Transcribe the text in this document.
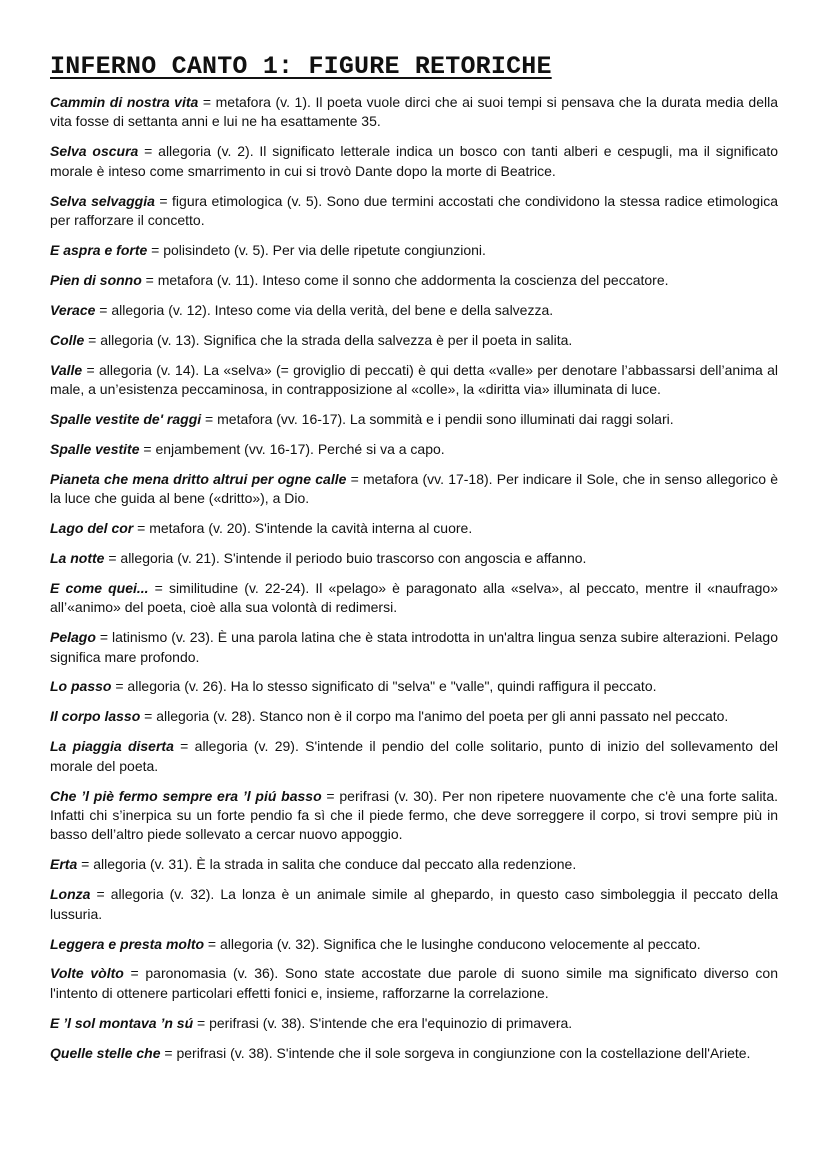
INFERNO CANTO 1: FIGURE RETORICHE

Cammin di nostra vita = metafora (v. 1). Il poeta vuole dirci che ai suoi tempi si pensava che la durata media della vita fosse di settanta anni e lui ne ha esattamente 35.

Selva oscura = allegoria (v. 2). Il significato letterale indica un bosco con tanti alberi e cespugli, ma il significato morale è inteso come smarrimento in cui si trovò Dante dopo la morte di Beatrice.

Selva selvaggia = figura etimologica (v. 5). Sono due termini accostati che condividono la stessa radice etimologica per rafforzare il concetto.

E aspra e forte = polisindeto (v. 5). Per via delle ripetute congiunzioni.

Pien di sonno = metafora (v. 11). Inteso come il sonno che addormenta la coscienza del peccatore.

Verace = allegoria (v. 12). Inteso come via della verità, del bene e della salvezza.

Colle = allegoria (v. 13). Significa che la strada della salvezza è per il poeta in salita.

Valle = allegoria (v. 14). La «selva» (= groviglio di peccati) è qui detta «valle» per denotare l’abbassarsi dell’anima al male, a un’esistenza peccaminosa, in contrapposizione al «colle», la «diritta via» illuminata di luce.

Spalle vestite de' raggi = metafora (vv. 16-17). La sommità e i pendii sono illuminati dai raggi solari.

Spalle vestite = enjambement (vv. 16-17). Perché si va a capo.

Pianeta che mena dritto altrui per ogne calle = metafora (vv. 17-18). Per indicare il Sole, che in senso allegorico è la luce che guida al bene («dritto»), a Dio.

Lago del cor = metafora (v. 20). S'intende la cavità interna al cuore.

La notte = allegoria (v. 21). S'intende il periodo buio trascorso con angoscia e affanno.

E come quei... = similitudine (v. 22-24). Il «pelago» è paragonato alla «selva», al peccato, mentre il «naufrago» all’«animo» del poeta, cioè alla sua volontà di redimersi.

Pelago = latinismo (v. 23). È una parola latina che è stata introdotta in un'altra lingua senza subire alterazioni. Pelago significa mare profondo.

Lo passo = allegoria (v. 26). Ha lo stesso significato di "selva" e "valle", quindi raffigura il peccato.

Il corpo lasso = allegoria (v. 28). Stanco non è il corpo ma l'animo del poeta per gli anni passato nel peccato.

La piaggia diserta = allegoria (v. 29). S'intende il pendio del colle solitario, punto di inizio del sollevamento del morale del poeta.

Che ’l piè fermo sempre era ’l piú basso = perifrasi (v. 30). Per non ripetere nuovamente che c'è una forte salita. Infatti chi s’inerpica su un forte pendio fa sì che il piede fermo, che deve sorreggere il corpo, si trovi sempre più in basso dell’altro piede sollevato a cercar nuovo appoggio.

Erta = allegoria (v. 31). È la strada in salita che conduce dal peccato alla redenzione.

Lonza = allegoria (v. 32). La lonza è un animale simile al ghepardo, in questo caso simboleggia il peccato della lussuria.

Leggera e presta molto = allegoria (v. 32). Significa che le lusinghe conducono velocemente al peccato.

Volte vòlto = paronomasia (v. 36). Sono state accostate due parole di suono simile ma significato diverso con l'intento di ottenere particolari effetti fonici e, insieme, rafforzarne la correlazione.

E ’l sol montava ’n sú = perifrasi (v. 38). S'intende che era l'equinozio di primavera.

Quelle stelle che = perifrasi (v. 38). S'intende che il sole sorgeva in congiunzione con la costellazione dell'Ariete.
